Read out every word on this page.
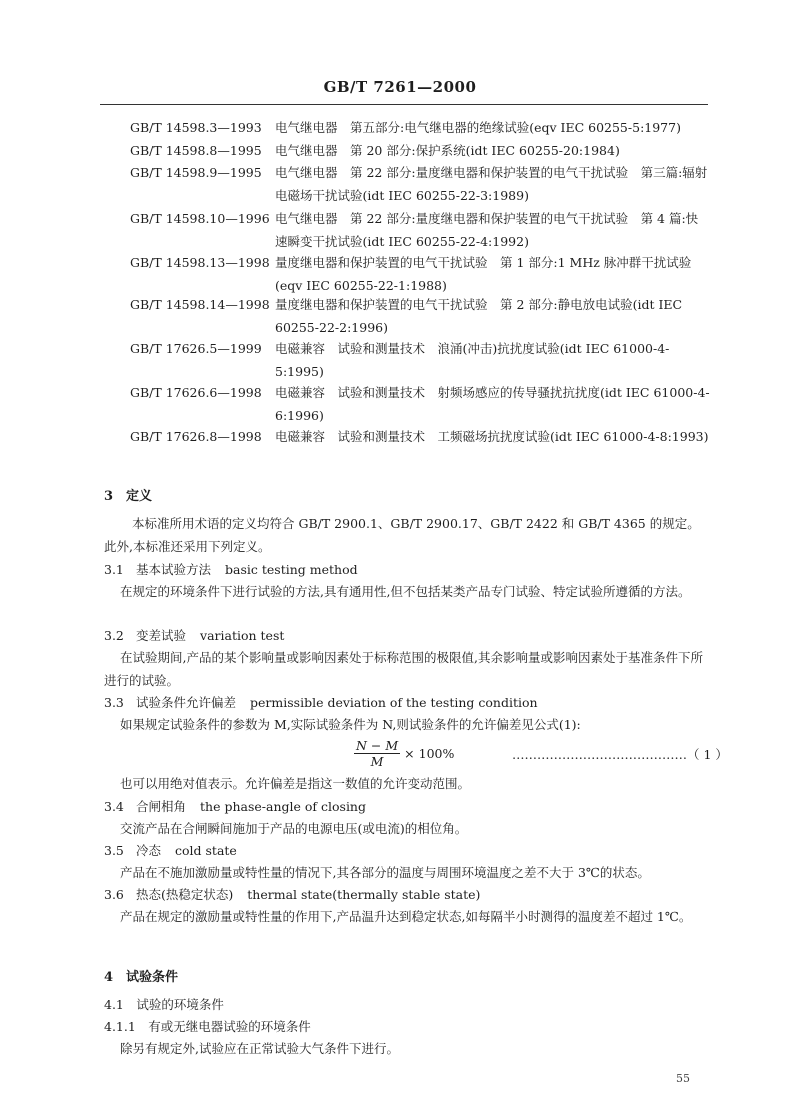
GB/T 7261—2000
GB/T 14598.3—1993	电气继电器　第五部分:电气继电器的绝缘试验(eqv IEC 60255-5:1977)
GB/T 14598.8—1995	电气继电器　第 20 部分:保护系统(idt IEC 60255-20:1984)
GB/T 14598.9—1995	电气继电器　第 22 部分:量度继电器和保护装置的电气干扰试验　第三篇:辐射电磁场干扰试验(idt IEC 60255-22-3:1989)
GB/T 14598.10—1996 电气继电器　第 22 部分:量度继电器和保护装置的电气干扰试验　第 4 篇:快速瞬变干扰试验(idt IEC 60255-22-4:1992)
GB/T 14598.13—1998 量度继电器和保护装置的电气干扰试验　第 1 部分:1 MHz 脉冲群干扰试验(eqv IEC 60255-22-1:1988)
GB/T 14598.14—1998 量度继电器和保护装置的电气干扰试验　第 2 部分:静电放电试验(idt IEC 60255-22-2:1996)
GB/T 17626.5—1999	电磁兼容　试验和测量技术　浪涌(冲击)抗扰度试验(idt IEC 61000-4-5:1995)
GB/T 17626.6—1998	电磁兼容　试验和测量技术　射频场感应的传导骚扰抗扰度(idt IEC 61000-4-6:1996)
GB/T 17626.8—1998	电磁兼容　试验和测量技术　工频磁场抗扰度试验(idt IEC 61000-4-8:1993)
3　定义
本标准所用术语的定义均符合 GB/T 2900.1、GB/T 2900.17、GB/T 2422 和 GB/T 4365 的规定。此外,本标准还采用下列定义。
3.1 基本试验方法 basic testing method
在规定的环境条件下进行试验的方法,具有通用性,但不包括某类产品专门试验、特定试验所遵循的方法。
3.2 变差试验 variation test
在试验期间,产品的某个影响量或影响因素处于标称范围的极限值,其余影响量或影响因素处于基准条件下所进行的试验。
3.3 试验条件允许偏差 permissible deviation of the testing condition
如果规定试验条件的参数为 M,实际试验条件为 N,则试验条件的允许偏差见公式(1):
$\frac{N - M}{M} \times 100\%$	……………………………………（ 1 ）
也可以用绝对值表示。允许偏差是指这一数值的允许变动范围。
3.4 合闸相角 the phase-angle of closing
交流产品在合闸瞬间施加于产品的电源电压(或电流)的相位角。
3.5 冷态 cold state
产品在不施加激励量或特性量的情况下,其各部分的温度与周围环境温度之差不大于 3℃的状态。
3.6 热态(热稳定状态) thermal state(thermally stable state)
产品在规定的激励量或特性量的作用下,产品温升达到稳定状态,如每隔半小时测得的温度差不超过 1℃。
4　试验条件
4.1　试验的环境条件
4.1.1　有或无继电器试验的环境条件
除另有规定外,试验应在正常试验大气条件下进行。
55
